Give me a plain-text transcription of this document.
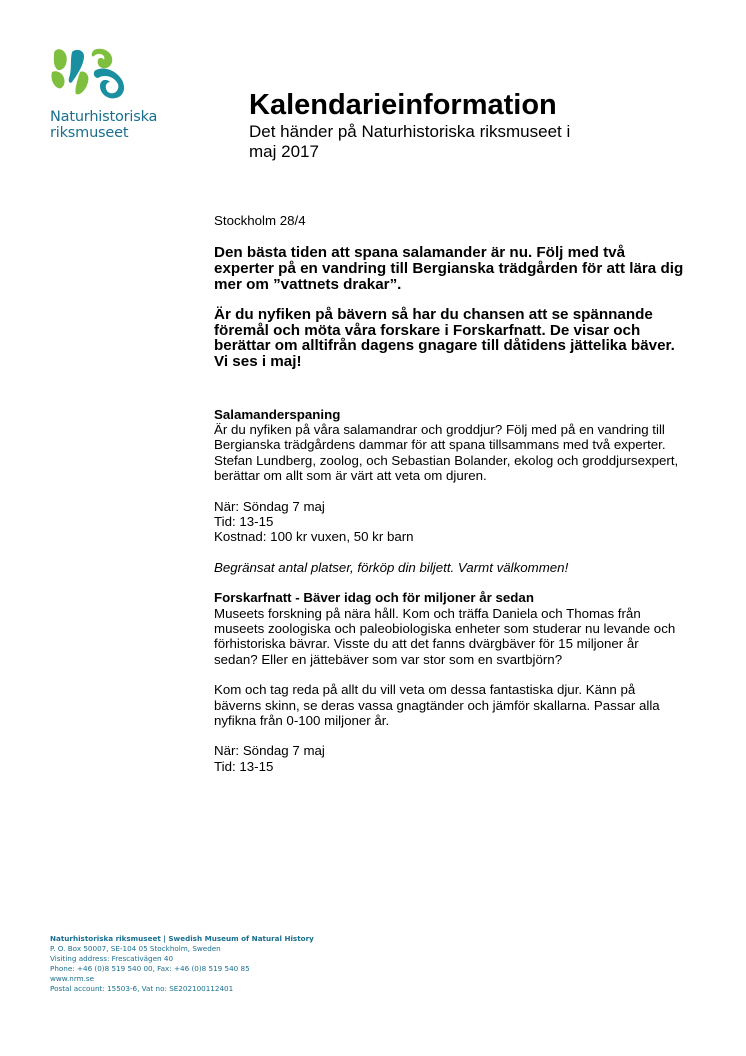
Naturhistoriska
riksmuseet
Kalendarieinformation

Det händer på Naturhistoriska riksmuseet i
maj 2017

Stockholm 28/4

Den bästa tiden att spana salamander är nu. Följ med två experter på en vandring till Bergianska trädgården för att lära dig mer om ”vattnets drakar”.

Är du nyfiken på bävern så har du chansen att se spännande föremål och möta våra forskare i Forskarfnatt. De visar och berättar om alltifrån dagens gnagare till dåtidens jättelika bäver. Vi ses i maj!

Salamanderspaning

Är du nyfiken på våra salamandrar och groddjur? Följ med på en vandring till Bergianska trädgårdens dammar för att spana tillsammans med två experter. Stefan Lundberg, zoolog, och Sebastian Bolander, ekolog och groddjursexpert, berättar om allt som är värt att veta om djuren.

När: Söndag 7 maj

Tid: 13-15

Kostnad: 100 kr vuxen, 50 kr barn

Begränsat antal platser, förköp din biljett. Varmt välkommen!

Forskarfnatt - Bäver idag och för miljoner år sedan

Museets forskning på nära håll. Kom och träffa Daniela och Thomas från museets zoologiska och paleobiologiska enheter som studerar nu levande och förhistoriska bävrar. Visste du att det fanns dvärgbäver för 15 miljoner år sedan? Eller en jättebäver som var stor som en svartbjörn?

Kom och tag reda på allt du vill veta om dessa fantastiska djur. Känn på bäverns skinn, se deras vassa gnagtänder och jämför skallarna. Passar alla nyfikna från 0-100 miljoner år.

När: Söndag 7 maj

Tid: 13-15

Naturhistoriska riksmuseet | Swedish Museum of Natural History
P. O. Box 50007, SE-104 05 Stockholm, Sweden
Visiting address: Frescativägen 40
Phone: +46 (0)8 519 540 00, Fax: +46 (0)8 519 540 85
www.nrm.se
Postal account: 15503-6, Vat no: SE202100112401
